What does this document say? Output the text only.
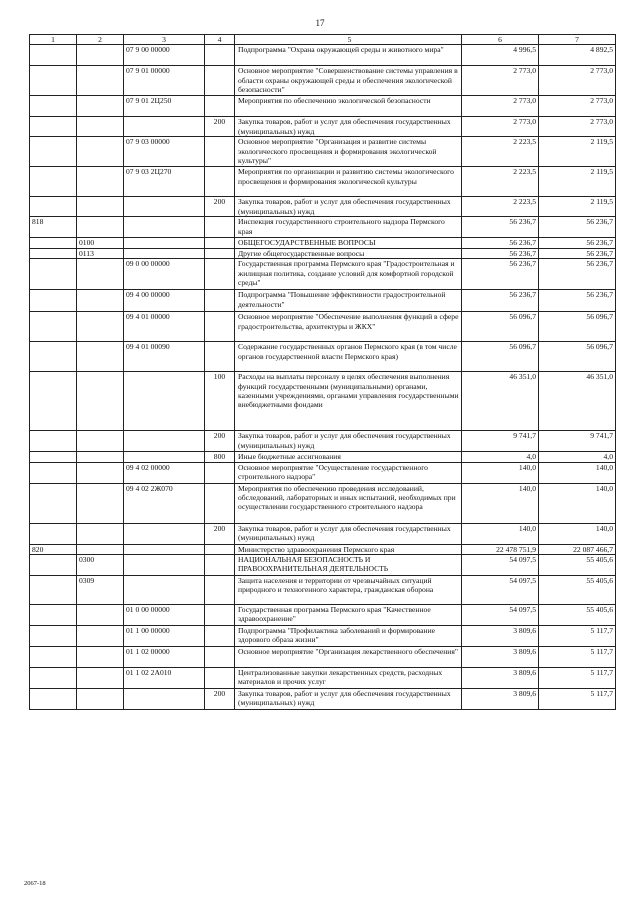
17
1	2	3	4	5	6	7
		07 9 00 00000		Подпрограмма "Охрана окружающей среды и животного мира"	4 996,5	4 892,5
		07 9 01 00000		Основное мероприятие "Совершенствование системы управления в области охраны окружающей среды и обеспечения экологической безопасности"	2 773,0	2 773,0
		07 9 01 2Ц250		Мероприятия по обеспечению экологической безопасности	2 773,0	2 773,0
			200	Закупка товаров, работ и услуг для обеспечения государственных (муниципальных) нужд	2 773,0	2 773,0
		07 9 03 00000		Основное мероприятие "Организация и развитие системы экологического просвещения и формирования экологической культуры"	2 223,5	2 119,5
		07 9 03 2Ц270		Мероприятия по организации и развитию системы экологического просвещения и формирования экологической культуры	2 223,5	2 119,5
			200	Закупка товаров, работ и услуг для обеспечения государственных (муниципальных) нужд	2 223,5	2 119,5
818				Инспекция государственного строительного надзора Пермского края	56 236,7	56 236,7
	0100			ОБЩЕГОСУДАРСТВЕННЫЕ ВОПРОСЫ	56 236,7	56 236,7
	0113			Другие общегосударственные вопросы	56 236,7	56 236,7
		09 0 00 00000		Государственная программа Пермского края "Градостроительная и жилищная политика, создание условий для комфортной городской среды"	56 236,7	56 236,7
		09 4 00 00000		Подпрограмма "Повышение эффективности градостроительной деятельности"	56 236,7	56 236,7
		09 4 01 00000		Основное мероприятие "Обеспечение выполнения функций в сфере градостроительства, архитектуры и ЖКХ"	56 096,7	56 096,7
		09 4 01 00090		Содержание государственных органов Пермского края (в том числе органов государственной власти Пермского края)	56 096,7	56 096,7
			100	Расходы на выплаты персоналу в целях обеспечения выполнения функций государственными (муниципальными) органами, казенными учреждениями, органами управления государственными внебюджетными фондами	46 351,0	46 351,0
			200	Закупка товаров, работ и услуг для обеспечения государственных (муниципальных) нужд	9 741,7	9 741,7
			800	Иные бюджетные ассигнования	4,0	4,0
		09 4 02 00000		Основное мероприятие "Осуществление государственного строительного надзора"	140,0	140,0
		09 4 02 2Ж070		Мероприятия по обеспечению проведения исследований, обследований, лабораторных и иных испытаний, необходимых при осуществлении государственного строительного надзора	140,0	140,0
			200	Закупка товаров, работ и услуг для обеспечения государственных (муниципальных) нужд	140,0	140,0
820				Министерство здравоохранения Пермского края	22 478 751,9	22 087 466,7
	0300			НАЦИОНАЛЬНАЯ БЕЗОПАСНОСТЬ И ПРАВООХРАНИТЕЛЬНАЯ ДЕЯТЕЛЬНОСТЬ	54 097,5	55 405,6
	0309			Защита населения и территории от чрезвычайных ситуаций природного и техногенного характера, гражданская оборона	54 097,5	55 405,6
		01 0 00 00000		Государственная программа Пермского края "Качественное здравоохранение"	54 097,5	55 405,6
		01 1 00 00000		Подпрограмма "Профилактика заболеваний и формирование здорового образа жизни"	3 809,6	5 117,7
		01 1 02 00000		Основное мероприятие "Организация лекарственного обеспечения"	3 809,6	5 117,7
		01 1 02 2А010		Централизованные закупки лекарственных средств, расходных материалов и прочих услуг	3 809,6	5 117,7
			200	Закупка товаров, работ и услуг для обеспечения государственных (муниципальных) нужд	3 809,6	5 117,7
2067-18
